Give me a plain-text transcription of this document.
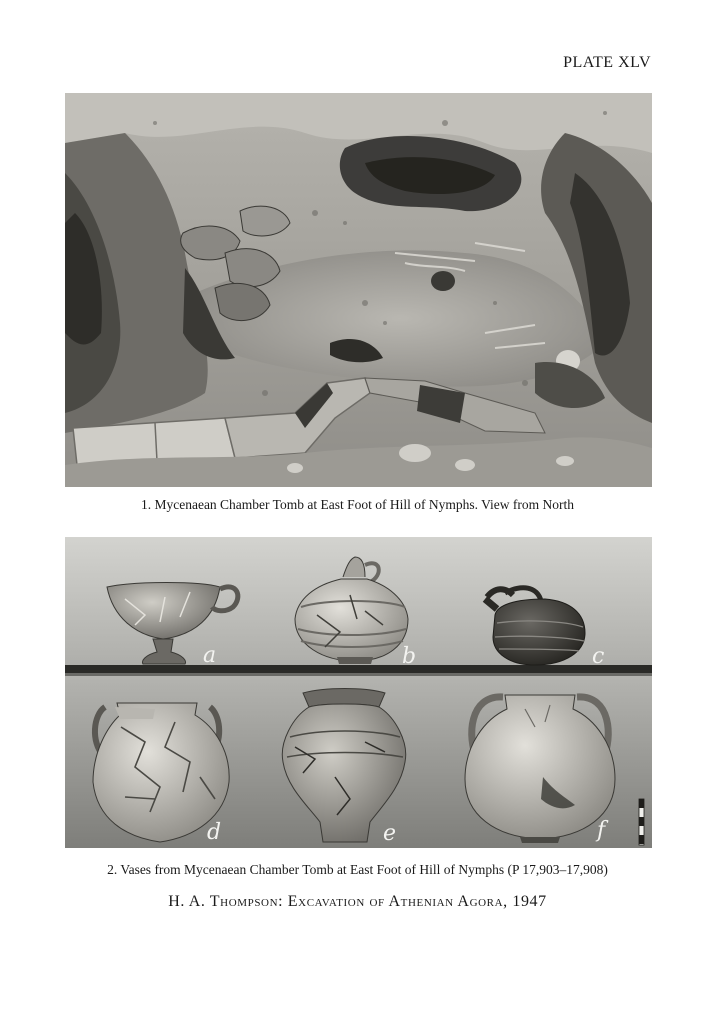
PLATE XLV
1. Mycenaean Chamber Tomb at East Foot of Hill of Nymphs. View from North
a	b	c
d	e	f
2. Vases from Mycenaean Chamber Tomb at East Foot of Hill of Nymphs (P 17,903–17,908)
H. A. Thompson: Excavation of Athenian Agora, 1947
